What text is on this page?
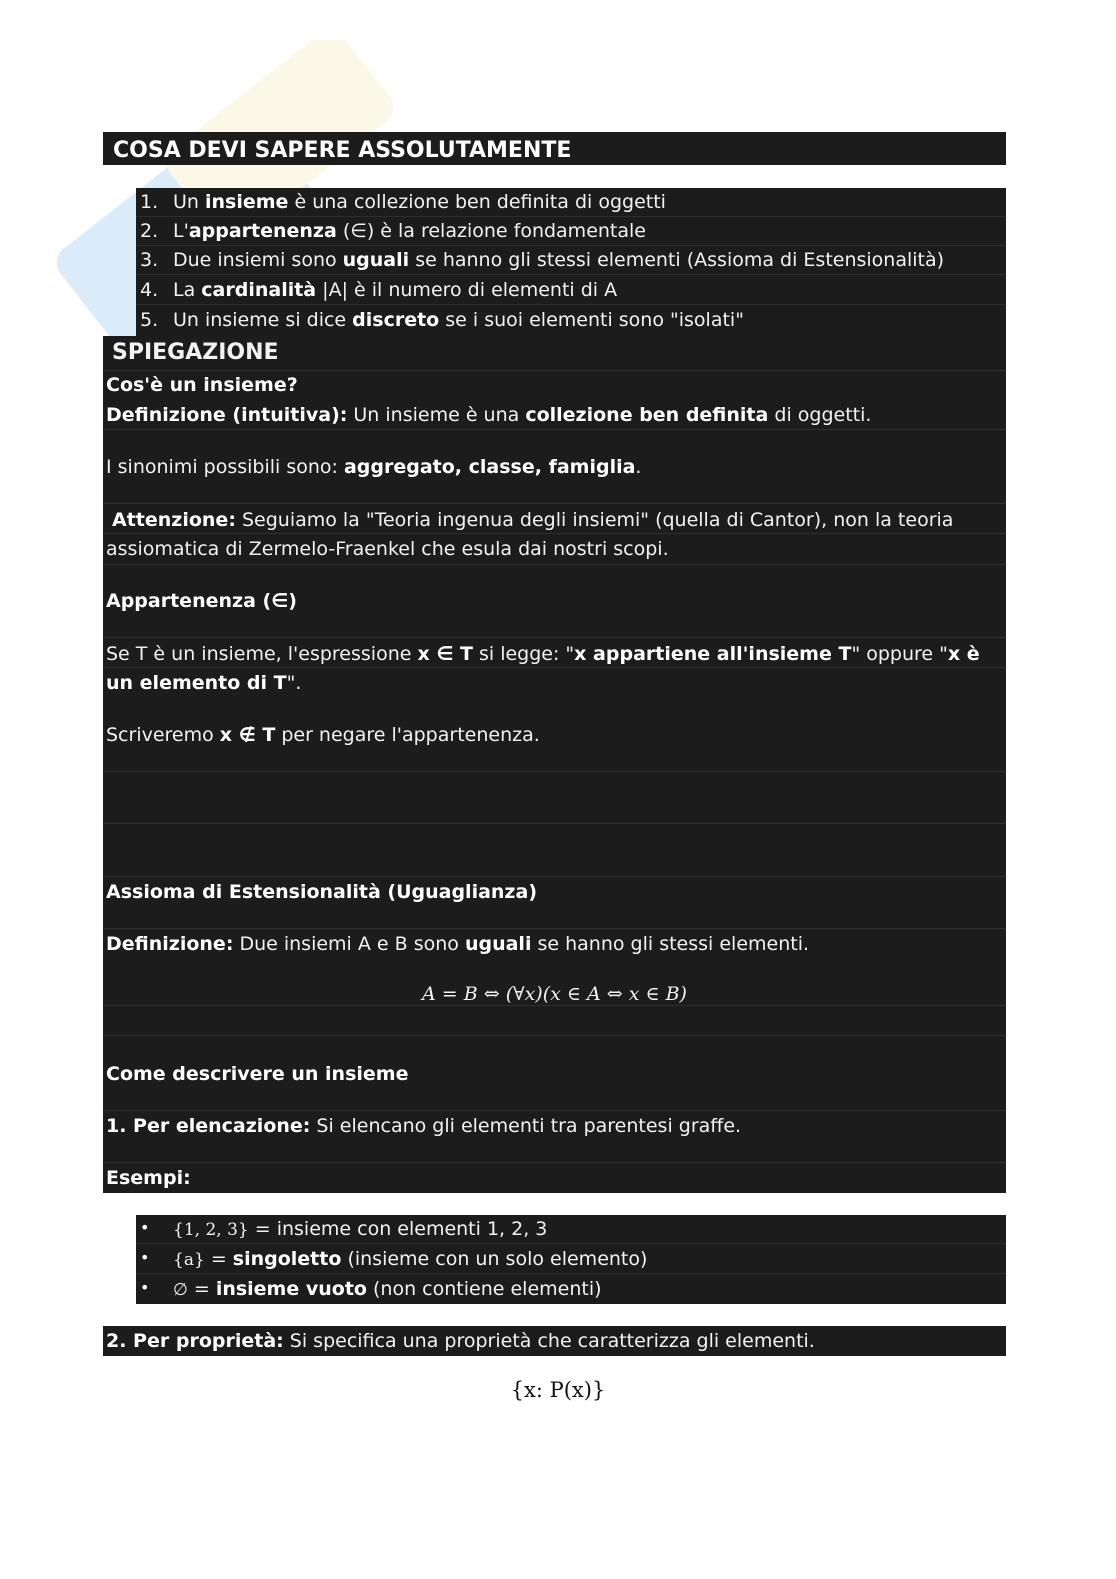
COSA DEVI SAPERE ASSOLUTAMENTE
1. Un insieme è una collezione ben definita di oggetti
2. L'appartenenza (∈) è la relazione fondamentale
3. Due insiemi sono uguali se hanno gli stessi elementi (Assioma di Estensionalità)
4. La cardinalità |A| è il numero di elementi di A
5. Un insieme si dice discreto se i suoi elementi sono "isolati"
SPIEGAZIONE
Cos'è un insieme?
Definizione (intuitiva): Un insieme è una collezione ben definita di oggetti.
I sinonimi possibili sono: aggregato, classe, famiglia.
Attenzione: Seguiamo la "Teoria ingenua degli insiemi" (quella di Cantor), non la teoria
assiomatica di Zermelo-Fraenkel che esula dai nostri scopi.
Appartenenza (∈)
Se T è un insieme, l'espressione x ∈ T si legge: "x appartiene all'insieme T" oppure "x è
un elemento di T".
Scriveremo x ∉ T per negare l'appartenenza.
Assioma di Estensionalità (Uguaglianza)
Definizione: Due insiemi A e B sono uguali se hanno gli stessi elementi.
A = B ⇔ (∀x)(x ∈ A ⇔ x ∈ B)
Come descrivere un insieme
1. Per elencazione: Si elencano gli elementi tra parentesi graffe.
Esempi:
• {1, 2, 3} = insieme con elementi 1, 2, 3
• {a} = singoletto (insieme con un solo elemento)
• ∅ = insieme vuoto (non contiene elementi)
2. Per proprietà: Si specifica una proprietà che caratterizza gli elementi.
{x: P(x)}
